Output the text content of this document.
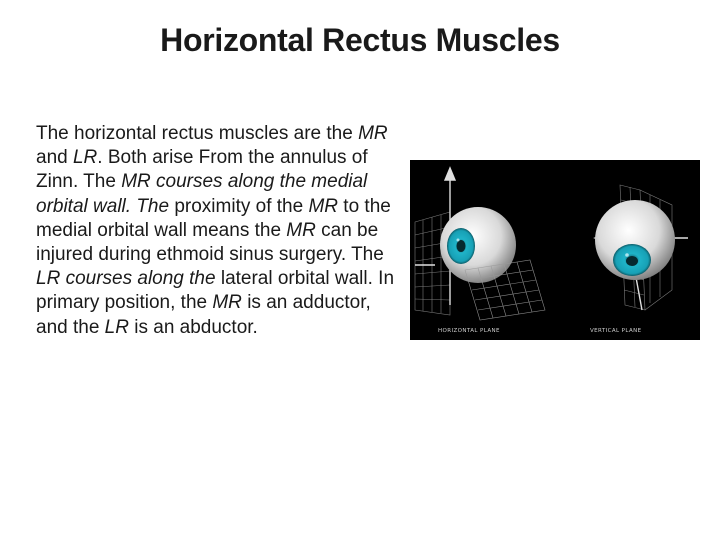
Horizontal Rectus Muscles
The horizontal rectus muscles are the MR and LR. Both arise From the annulus of Zinn. The MR courses along the medial orbital wall. The proximity of the MR to the medial orbital wall means the MR can be injured during ethmoid sinus surgery. The LR courses along the lateral orbital wall. In primary position, the MR is an adductor, and the LR is an abductor.	HORIZONTAL PLANE	VERTICAL PLANE
